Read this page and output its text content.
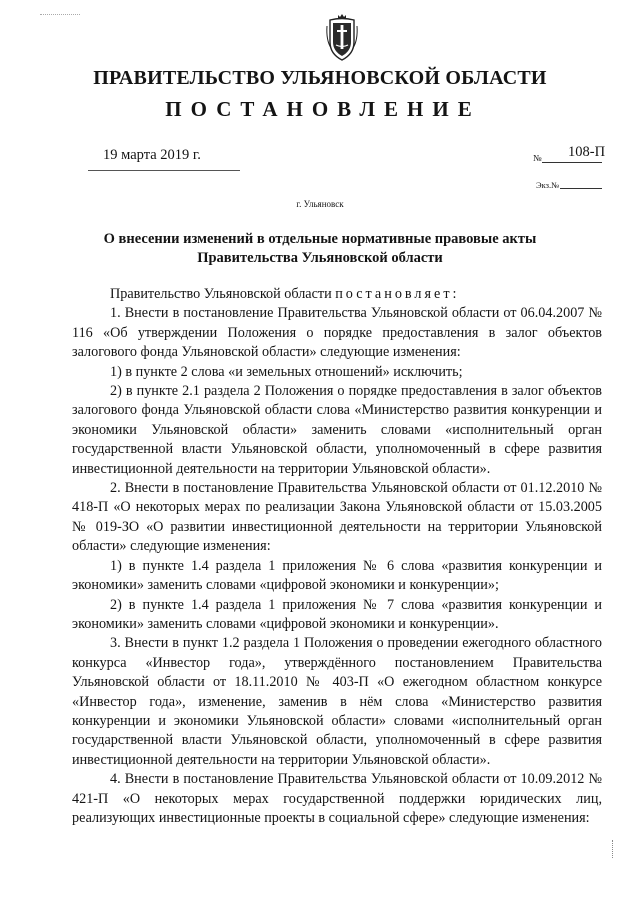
ПРАВИТЕЛЬСТВО УЛЬЯНОВСКОЙ ОБЛАСТИ
ПОСТАНОВЛЕНИЕ
19 марта 2019 г.	№ 108-П
Экз.№
г. Ульяновск
О внесении изменений в отдельные нормативные правовые акты
Правительства Ульяновской области

Правительство Ульяновской области постановляет:

1. Внести в постановление Правительства Ульяновской области от 06.04.2007 № 116 «Об утверждении Положения о порядке предоставления в залог объектов залогового фонда Ульяновской области» следующие изменения:

1) в пункте 2 слова «и земельных отношений» исключить;

2) в пункте 2.1 раздела 2 Положения о порядке предоставления в залог объектов залогового фонда Ульяновской области слова «Министерство развития конкуренции и экономики Ульяновской области» заменить словами «исполнительный орган государственной власти Ульяновской области, уполномоченный в сфере развития инвестиционной деятельности на территории Ульяновской области».

2. Внести в постановление Правительства Ульяновской области от 01.12.2010 № 418-П «О некоторых мерах по реализации Закона Ульяновской области от 15.03.2005 № 019-ЗО «О развитии инвестиционной деятельности на территории Ульяновской области» следующие изменения:

1) в пункте 1.4 раздела 1 приложения № 6 слова «развития конкуренции и экономики» заменить словами «цифровой экономики и конкуренции»;

2) в пункте 1.4 раздела 1 приложения № 7 слова «развития конкуренции и экономики» заменить словами «цифровой экономики и конкуренции».

3. Внести в пункт 1.2 раздела 1 Положения о проведении ежегодного областного конкурса «Инвестор года», утверждённого постановлением Правительства Ульяновской области от 18.11.2010 № 403-П «О ежегодном областном конкурсе «Инвестор года», изменение, заменив в нём слова «Министерство развития конкуренции и экономики Ульяновской области» словами «исполнительный орган государственной власти Ульяновской области, уполномоченный в сфере развития инвестиционной деятельности на территории Ульяновской области».

4. Внести в постановление Правительства Ульяновской области от 10.09.2012 № 421-П «О некоторых мерах государственной поддержки юридических лиц, реализующих инвестиционные проекты в социальной сфере» следующие изменения:
